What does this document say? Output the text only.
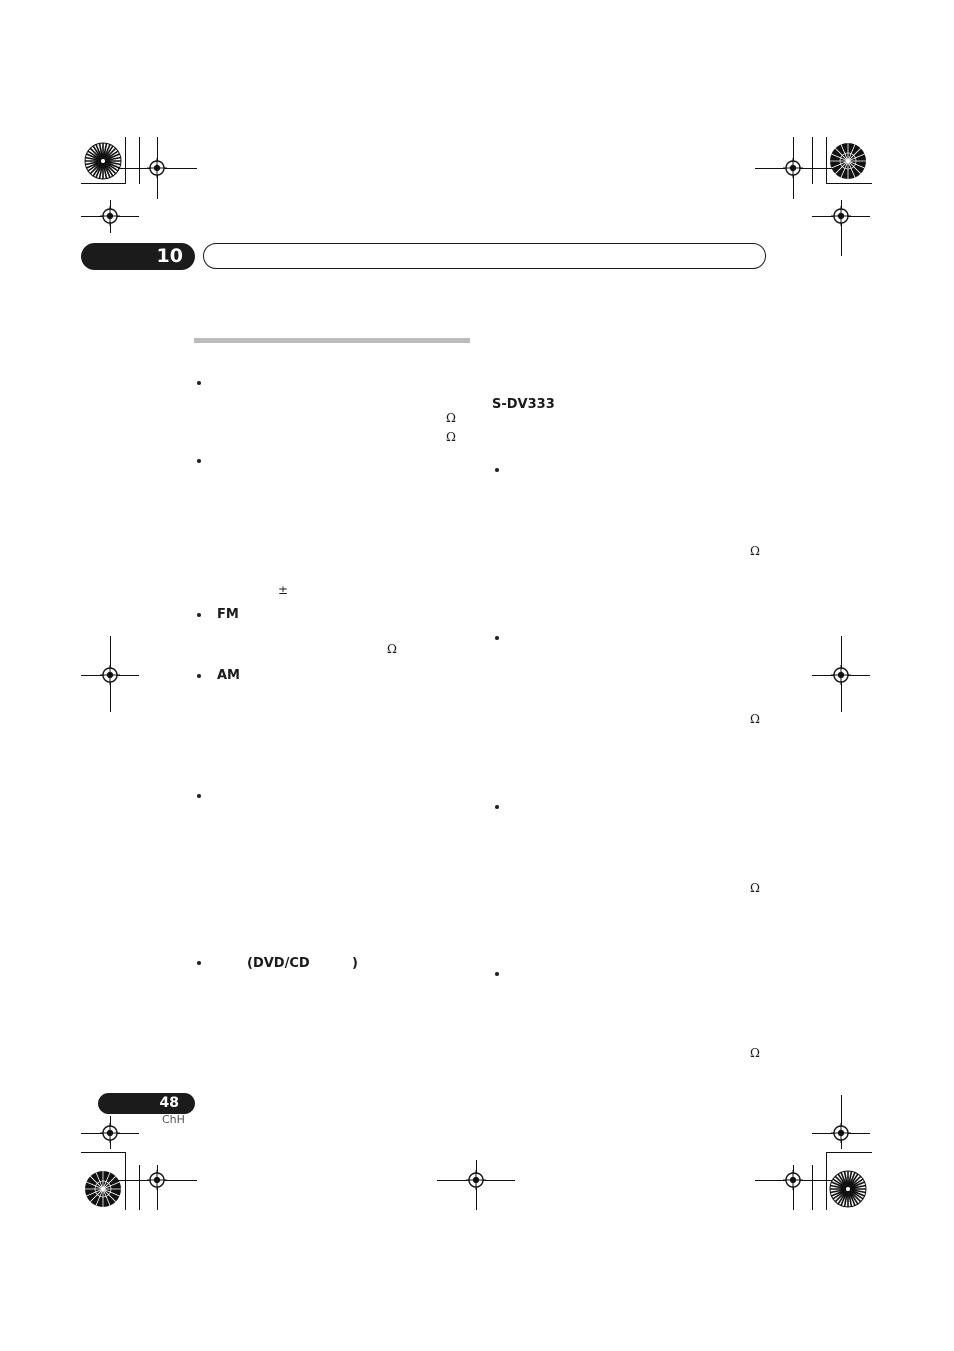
10
Ω
Ω
±
FM
Ω
AM
(DVD/CD	)
S-DV333
Ω
Ω
Ω
Ω
48
ChH
